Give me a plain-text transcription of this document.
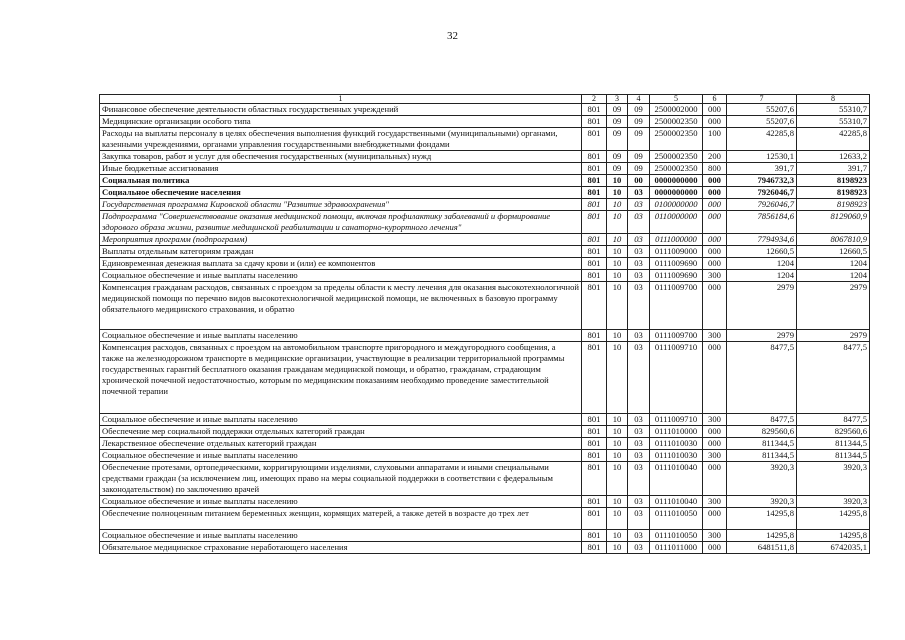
32
1	2	3	4	5	6	7	8
Финансовое обеспечение деятельности областных государственных учреждений	801	09	09	2500002000	000	55207,6	55310,7
Медицинские организации особого типа	801	09	09	2500002350	000	55207,6	55310,7
Расходы на выплаты персоналу в целях обеспечения выполнения функций государственными (муниципальными) органами, казенными учреждениями, органами управления государственными внебюджетными фондами	801	09	09	2500002350	100	42285,8	42285,8
Закупка товаров, работ и услуг для обеспечения государственных (муниципальных) нужд	801	09	09	2500002350	200	12530,1	12633,2
Иные бюджетные ассигнования	801	09	09	2500002350	800	391,7	391,7
Социальная политика	801	10	00	0000000000	000	7946732,3	8198923
Социальное обеспечение населения	801	10	03	0000000000	000	7926046,7	8198923
Государственная программа Кировской области "Развитие здравоохранения"	801	10	03	0100000000	000	7926046,7	8198923
Подпрограмма "Совершенствование оказания медицинской помощи, включая профилактику заболеваний и формирование здорового образа жизни, развитие медицинской реабилитации и санаторно-курортного лечения"	801	10	03	0110000000	000	7856184,6	8129060,9
Мероприятия программ (подпрограмм)	801	10	03	0111000000	000	7794934,6	8067810,9
Выплаты отдельным категориям граждан	801	10	03	0111009000	000	12660,5	12660,5
Единовременная денежная выплата за сдачу крови и (или) ее компонентов	801	10	03	0111009690	000	1204	1204
Социальное обеспечение и иные выплаты населению	801	10	03	0111009690	300	1204	1204
Компенсация гражданам расходов, связанных с проездом за пределы области к месту лечения для оказания высокотехнологичной медицинской помощи по перечню видов высокотехнологичной медицинской помощи, не включенных в базовую программу обязательного медицинского страхования, и обратно	801	10	03	0111009700	000	2979	2979
Социальное обеспечение и иные выплаты населению	801	10	03	0111009700	300	2979	2979
Компенсация расходов, связанных с проездом на автомобильном транспорте пригородного и междугородного сообщения, а также на железнодорожном транспорте в медицинские организации, участвующие в реализации территориальной программы государственных гарантий бесплатного оказания гражданам медицинской помощи, и обратно, гражданам, страдающим хронической почечной недостаточностью, которым по медицинским показаниям необходимо проведение заместительной почечной терапии	801	10	03	0111009710	000	8477,5	8477,5
Социальное обеспечение и иные выплаты населению	801	10	03	0111009710	300	8477,5	8477,5
Обеспечение мер социальной поддержки отдельных категорий граждан	801	10	03	0111010000	000	829560,6	829560,6
Лекарственное обеспечение отдельных категорий граждан	801	10	03	0111010030	000	811344,5	811344,5
Социальное обеспечение и иные выплаты населению	801	10	03	0111010030	300	811344,5	811344,5
Обеспечение протезами, ортопедическими, корригирующими изделиями, слуховыми аппаратами и иными специальными средствами граждан (за исключением лиц, имеющих право на меры социальной поддержки в соответствии с федеральным законодательством) по заключению врачей	801	10	03	0111010040	000	3920,3	3920,3
Социальное обеспечение и иные выплаты населению	801	10	03	0111010040	300	3920,3	3920,3
Обеспечение полноценным питанием беременных женщин, кормящих матерей, а также детей в возрасте до трех лет	801	10	03	0111010050	000	14295,8	14295,8
Социальное обеспечение и иные выплаты населению	801	10	03	0111010050	300	14295,8	14295,8
Обязательное медицинское страхование неработающего населения	801	10	03	0111011000	000	6481511,8	6742035,1
